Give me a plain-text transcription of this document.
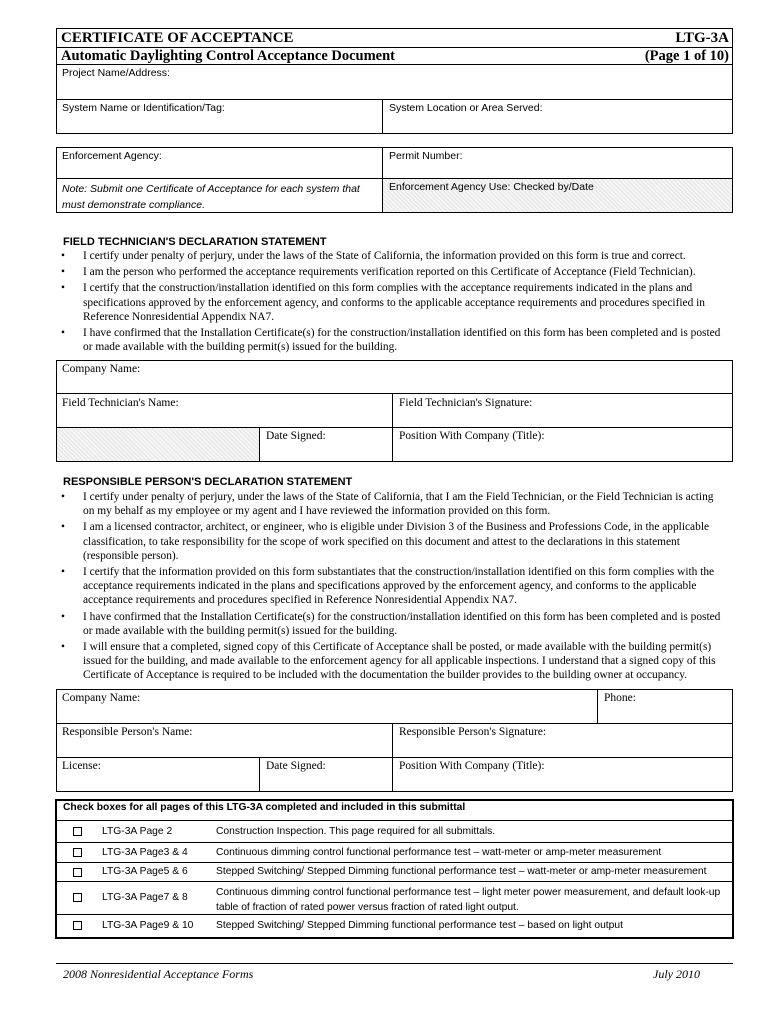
CERTIFICATE OF ACCEPTANCE	LTG-3A
Automatic Daylighting Control Acceptance Document	(Page 1 of 10)
Project Name/Address:
System Name or Identification/Tag:	System Location or Area Served:
Enforcement Agency:	Permit Number:
Note: Submit one Certificate of Acceptance for each system that must demonstrate compliance.
Enforcement Agency Use: Checked by/Date
FIELD TECHNICIAN'S DECLARATION STATEMENT
• I certify under penalty of perjury, under the laws of the State of California, the information provided on this form is true and correct.
• I am the person who performed the acceptance requirements verification reported on this Certificate of Acceptance (Field Technician).
• I certify that the construction/installation identified on this form complies with the acceptance requirements indicated in the plans and specifications approved by the enforcement agency, and conforms to the applicable acceptance requirements and procedures specified in Reference Nonresidential Appendix NA7.
• I have confirmed that the Installation Certificate(s) for the construction/installation identified on this form has been completed and is posted or made available with the building permit(s) issued for the building.
Company Name:
Field Technician's Name:	Field Technician's Signature:
Date Signed:	Position With Company (Title):
RESPONSIBLE PERSON'S DECLARATION STATEMENT
• I certify under penalty of perjury, under the laws of the State of California, that I am the Field Technician, or the Field Technician is acting on my behalf as my employee or my agent and I have reviewed the information provided on this form.
• I am a licensed contractor, architect, or engineer, who is eligible under Division 3 of the Business and Professions Code, in the applicable classification, to take responsibility for the scope of work specified on this document and attest to the declarations in this statement (responsible person).
• I certify that the information provided on this form substantiates that the construction/installation identified on this form complies with the acceptance requirements indicated in the plans and specifications approved by the enforcement agency, and conforms to the applicable acceptance requirements and procedures specified in Reference Nonresidential Appendix NA7.
• I have confirmed that the Installation Certificate(s) for the construction/installation identified on this form has been completed and is posted or made available with the building permit(s) issued for the building.
• I will ensure that a completed, signed copy of this Certificate of Acceptance shall be posted, or made available with the building permit(s) issued for the building, and made available to the enforcement agency for all applicable inspections. I understand that a signed copy of this Certificate of Acceptance is required to be included with the documentation the builder provides to the building owner at occupancy.
Company Name:	Phone:
Responsible Person's Name:	Responsible Person's Signature:
License:	Date Signed:	Position With Company (Title):
Check boxes for all pages of this LTG-3A completed and included in this submittal
LTG-3A Page 2	Construction Inspection. This page required for all submittals.
LTG-3A Page3 & 4	Continuous dimming control functional performance test – watt-meter or amp-meter measurement
LTG-3A Page5 & 6	Stepped Switching/ Stepped Dimming functional performance test – watt-meter or amp-meter measurement
LTG-3A Page7 & 8	Continuous dimming control functional performance test – light meter power measurement, and default look-up table of fraction of rated power versus fraction of rated light output.
LTG-3A Page9 & 10 Stepped Switching/ Stepped Dimming functional performance test – based on light output
2008 Nonresidential Acceptance Forms	July 2010
